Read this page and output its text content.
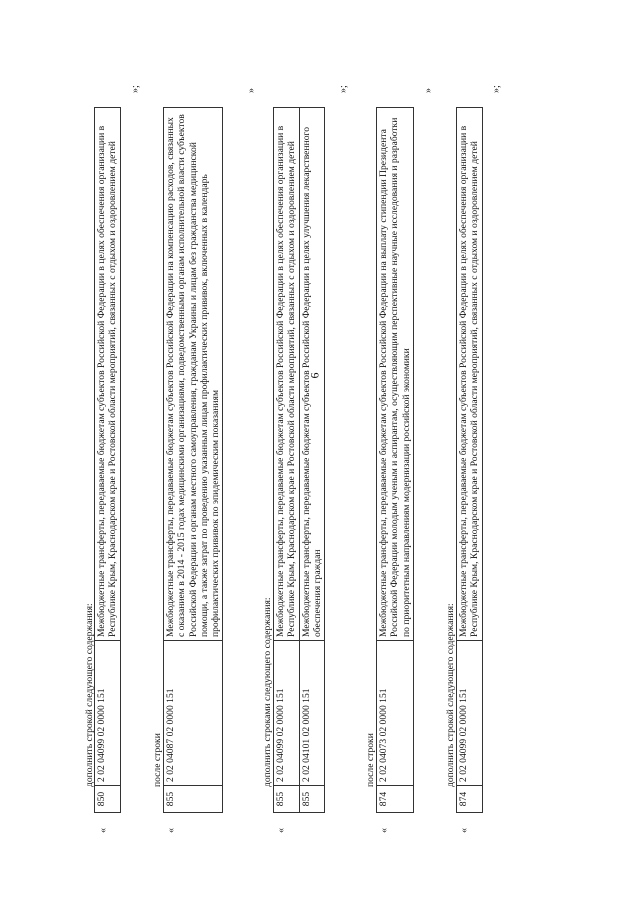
6
дополнить строкой следующего содержания:
«
850	2 02 04099 02 0000 151	Межбюджетные трансферты, передаваемые бюджетам субъектов Российской Федерации в целях обеспечения организации в Республике Крым, Краснодарском крае и Ростовской области мероприятий, связанных с отдыхом и оздоровлением детей
»;
после строки
«
855	2 02 04087 02 0000 151	Межбюджетные трансферты, передаваемые бюджетам субъектов Российской Федерации на компенсацию расходов, связанных с оказанием в 2014 - 2015 годах медицинскими организациями, подведомственными органам исполнительной власти субъектов Российской Федерации и органам местного самоуправления, гражданам Украины и лицам без гражданства медицинской помощи, а также затрат по проведению указанным лицам профилактических прививок, включенных в календарь профилактических прививок по эпидемическим показаниям
»
дополнить строками следующего содержания:
«
855	2 02 04099 02 0000 151	Межбюджетные трансферты, передаваемые бюджетам субъектов Российской Федерации в целях обеспечения организации в Республике Крым, Краснодарском крае и Ростовской области мероприятий, связанных с отдыхом и оздоровлением детей
855	2 02 04101 02 0000 151	Межбюджетные трансферты, передаваемые бюджетам субъектов Российской Федерации в целях улучшения лекарственного обеспечения граждан
»;
после строки
«
874	2 02 04073 02 0000 151	Межбюджетные трансферты, передаваемые бюджетам субъектов Российской Федерации на выплату стипендии Президента Российской Федерации молодым ученым и аспирантам, осуществляющим перспективные научные исследования и разработки по приоритетным направлениям модернизации российской экономики
»
дополнить строкой следующего содержания:
«
874	2 02 04099 02 0000 151	Межбюджетные трансферты, передаваемые бюджетам субъектов Российской Федерации в целях обеспечения организации в Республике Крым, Краснодарском крае и Ростовской области мероприятий, связанных с отдыхом и оздоровлением детей
»;
